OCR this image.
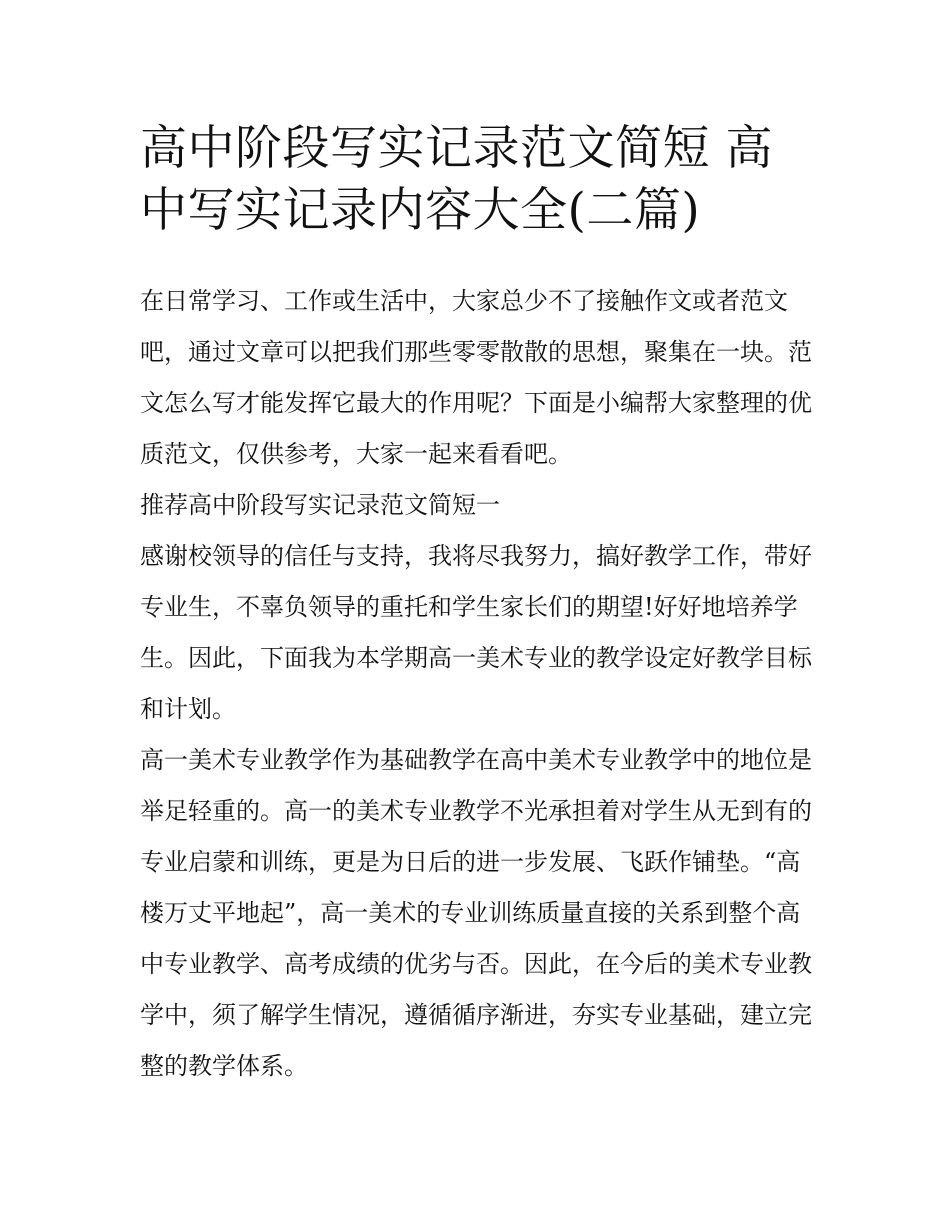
高中阶段写实记录范文简短 高中写实记录内容大全(二篇)

在日常学习、工作或生活中，大家总少不了接触作文或者范文吧，通过文章可以把我们那些零零散散的思想，聚集在一块。范文怎么写才能发挥它最大的作用呢？下面是小编帮大家整理的优质范文，仅供参考，大家一起来看看吧。

推荐高中阶段写实记录范文简短一

感谢校领导的信任与支持，我将尽我努力，搞好教学工作，带好专业生，不辜负领导的重托和学生家长们的期望!好好地培养学生。因此，下面我为本学期高一美术专业的教学设定好教学目标和计划。

高一美术专业教学作为基础教学在高中美术专业教学中的地位是举足轻重的。高一的美术专业教学不光承担着对学生从无到有的专业启蒙和训练，更是为日后的进一步发展、飞跃作铺垫。“高楼万丈平地起”，高一美术的专业训练质量直接的关系到整个高中专业教学、高考成绩的优劣与否。因此，在今后的美术专业教学中，须了解学生情况，遵循循序渐进，夯实专业基础，建立完整的教学体系。
